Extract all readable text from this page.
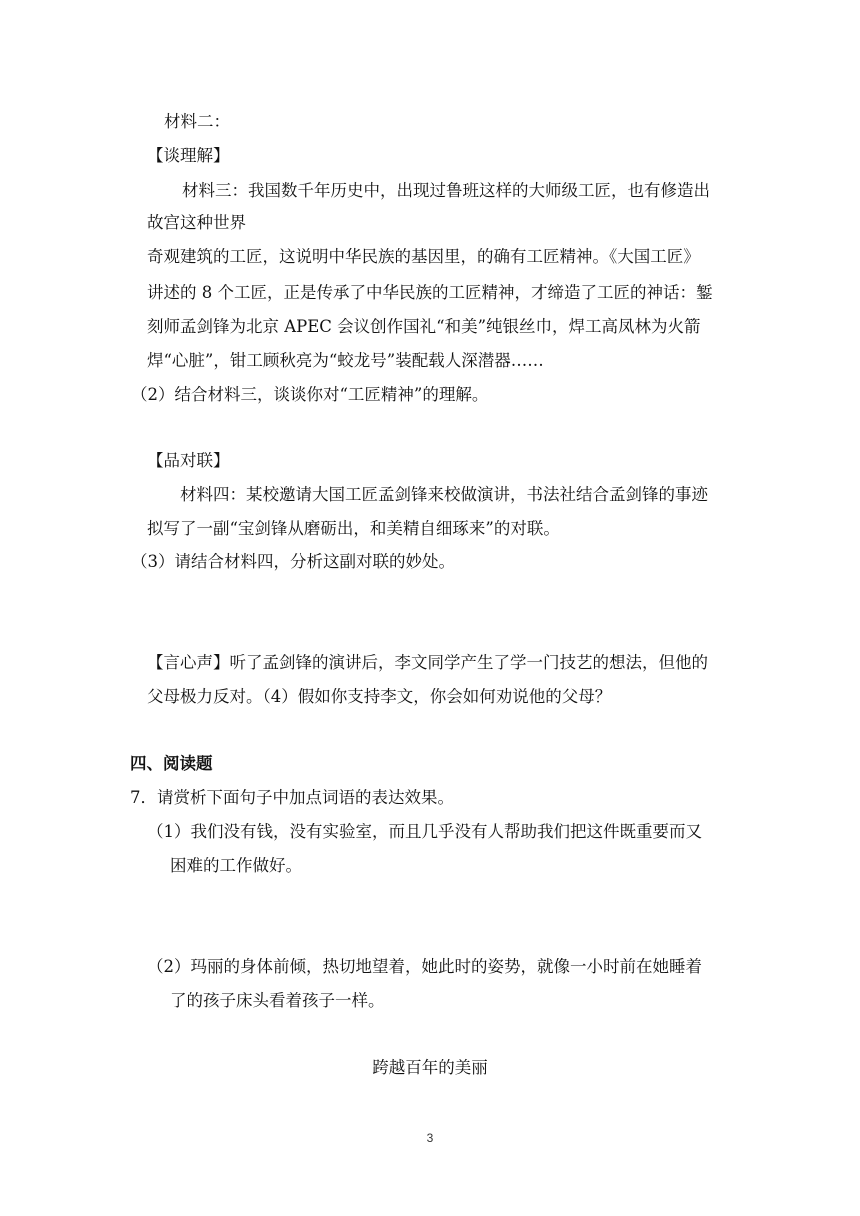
材料二：
【谈理解】
材料三：我国数千年历史中，出现过鲁班这样的大师级工匠，也有修造出
故宫这种世界
奇观建筑的工匠，这说明中华民族的基因里，的确有工匠精神。《大国工匠》
讲述的 8 个工匠，正是传承了中华民族的工匠精神，才缔造了工匠的神话：錾
刻师孟剑锋为北京 APEC 会议创作国礼“和美”纯银丝巾，焊工高凤林为火箭
焊“心脏”，钳工顾秋亮为“蛟龙号”装配载人深潜器……
（2）结合材料三，谈谈你对“工匠精神”的理解。
【品对联】
材料四：某校邀请大国工匠孟剑锋来校做演讲，书法社结合孟剑锋的事迹
拟写了一副“宝剑锋从磨砺出，和美精自细琢来”的对联。
（3）请结合材料四，分析这副对联的妙处。
【言心声】听了孟剑锋的演讲后，李文同学产生了学一门技艺的想法，但他的
父母极力反对。（4）假如你支持李文，你会如何劝说他的父母？
四、阅读题
7．请赏析下面句子中加点词语的表达效果。
（1）我们没有钱，没有实验室，而且几乎没有人帮助我们把这件既重要而又
困难的工作做好。
（2）玛丽的身体前倾，热切地望着，她此时的姿势，就像一小时前在她睡着
了的孩子床头看着孩子一样。
跨越百年的美丽
3
